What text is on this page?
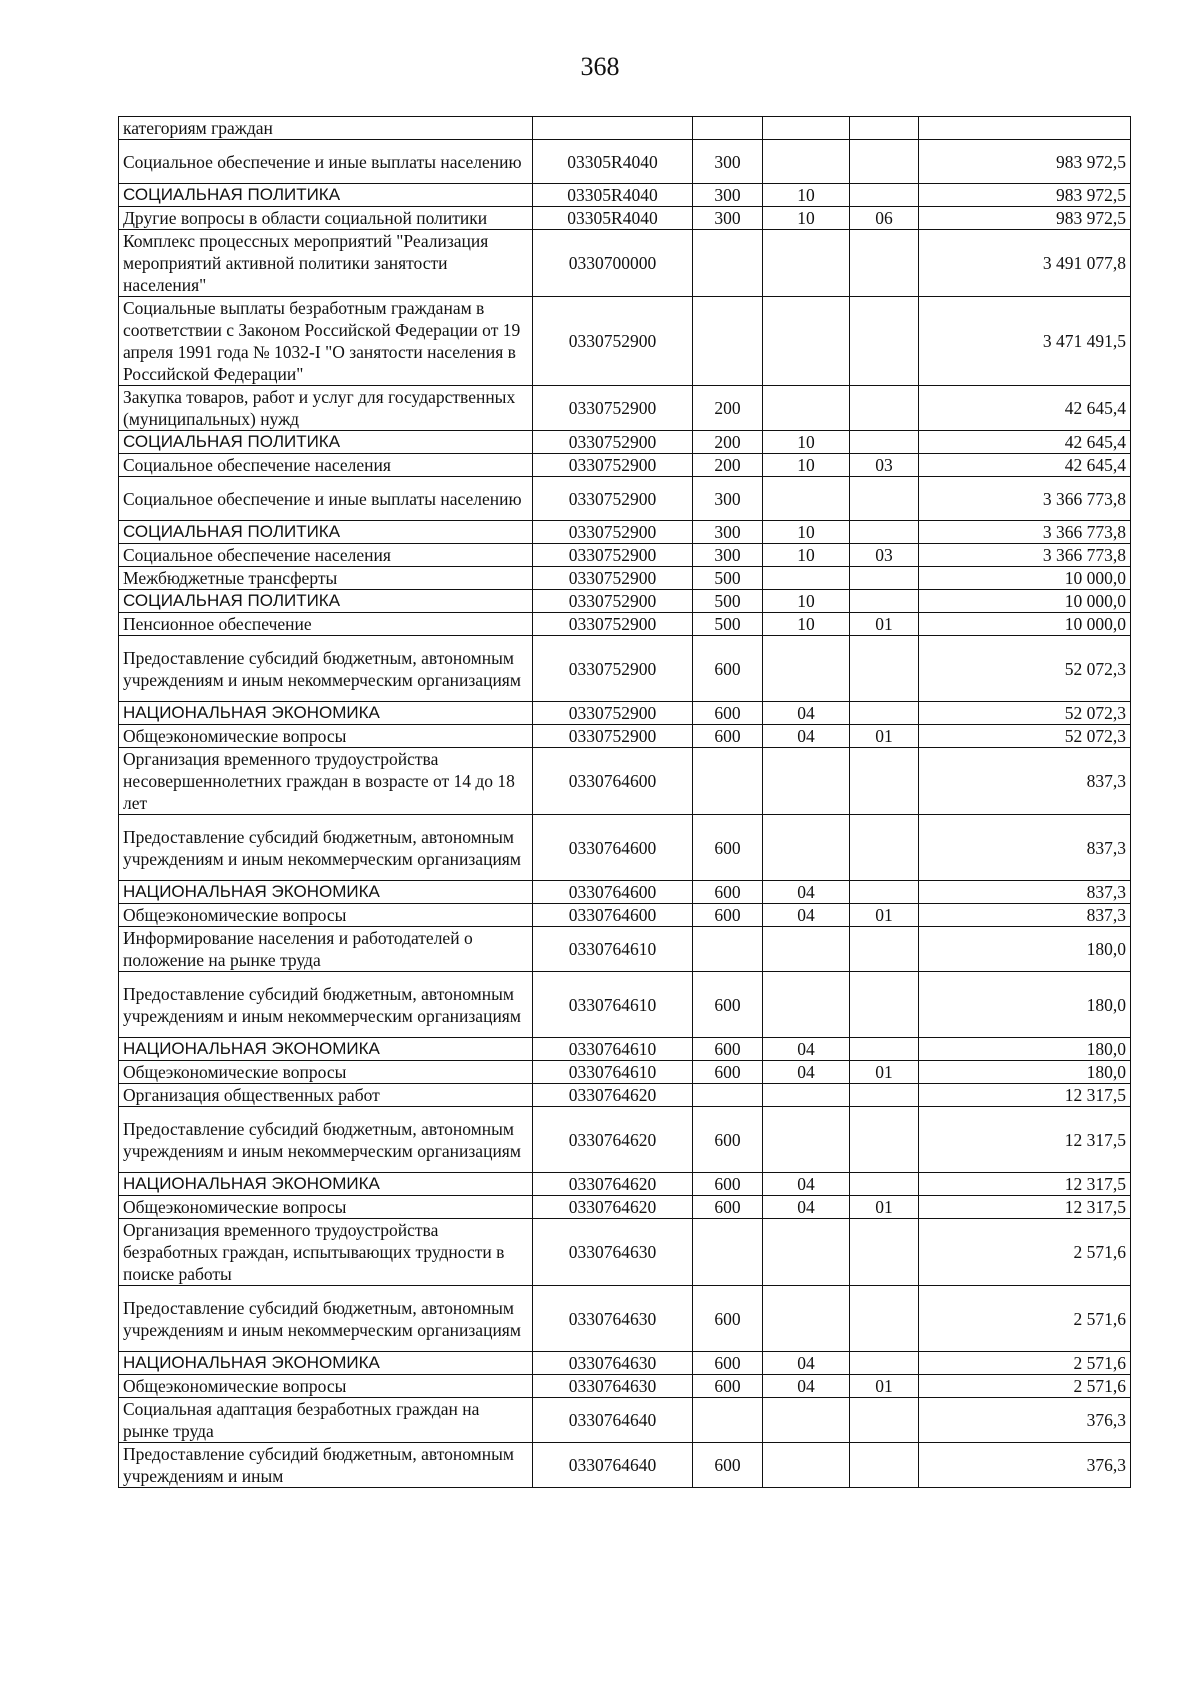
368
категориям граждан					
Социальное обеспечение и иные выплаты населению	03305R4040	300			983 972,5
СОЦИАЛЬНАЯ ПОЛИТИКА	03305R4040	300	10		983 972,5
Другие вопросы в области социальной политики	03305R4040	300	10	06	983 972,5
Комплекс процессных мероприятий "Реализация мероприятий активной политики занятости населения"	0330700000				3 491 077,8
Социальные выплаты безработным гражданам в соответствии с Законом Российской Федерации от 19 апреля 1991 года № 1032-I "О занятости населения в Российской Федерации"	0330752900				3 471 491,5
Закупка товаров, работ и услуг для государственных (муниципальных) нужд	0330752900	200			42 645,4
СОЦИАЛЬНАЯ ПОЛИТИКА	0330752900	200	10		42 645,4
Социальное обеспечение населения	0330752900	200	10	03	42 645,4
Социальное обеспечение и иные выплаты населению	0330752900	300			3 366 773,8
СОЦИАЛЬНАЯ ПОЛИТИКА	0330752900	300	10		3 366 773,8
Социальное обеспечение населения	0330752900	300	10	03	3 366 773,8
Межбюджетные трансферты	0330752900	500			10 000,0
СОЦИАЛЬНАЯ ПОЛИТИКА	0330752900	500	10		10 000,0
Пенсионное обеспечение	0330752900	500	10	01	10 000,0
Предоставление субсидий бюджетным, автономным учреждениям и иным некоммерческим организациям	0330752900	600			52 072,3
НАЦИОНАЛЬНАЯ ЭКОНОМИКА	0330752900	600	04		52 072,3
Общеэкономические вопросы	0330752900	600	04	01	52 072,3
Организация временного трудоустройства несовершеннолетних граждан в возрасте от 14 до 18 лет	0330764600				837,3
Предоставление субсидий бюджетным, автономным учреждениям и иным некоммерческим организациям	0330764600	600			837,3
НАЦИОНАЛЬНАЯ ЭКОНОМИКА	0330764600	600	04		837,3
Общеэкономические вопросы	0330764600	600	04	01	837,3
Информирование населения и работодателей о положение на рынке труда	0330764610				180,0
Предоставление субсидий бюджетным, автономным учреждениям и иным некоммерческим организациям	0330764610	600			180,0
НАЦИОНАЛЬНАЯ ЭКОНОМИКА	0330764610	600	04		180,0
Общеэкономические вопросы	0330764610	600	04	01	180,0
Организация общественных работ	0330764620				12 317,5
Предоставление субсидий бюджетным, автономным учреждениям и иным некоммерческим организациям	0330764620	600			12 317,5
НАЦИОНАЛЬНАЯ ЭКОНОМИКА	0330764620	600	04		12 317,5
Общеэкономические вопросы	0330764620	600	04	01	12 317,5
Организация временного трудоустройства безработных граждан, испытывающих трудности в поиске работы	0330764630				2 571,6
Предоставление субсидий бюджетным, автономным учреждениям и иным некоммерческим организациям	0330764630	600			2 571,6
НАЦИОНАЛЬНАЯ ЭКОНОМИКА	0330764630	600	04		2 571,6
Общеэкономические вопросы	0330764630	600	04	01	2 571,6
Социальная адаптация безработных граждан на рынке труда	0330764640				376,3
Предоставление субсидий бюджетным, автономным учреждениям и иным	0330764640	600			376,3
